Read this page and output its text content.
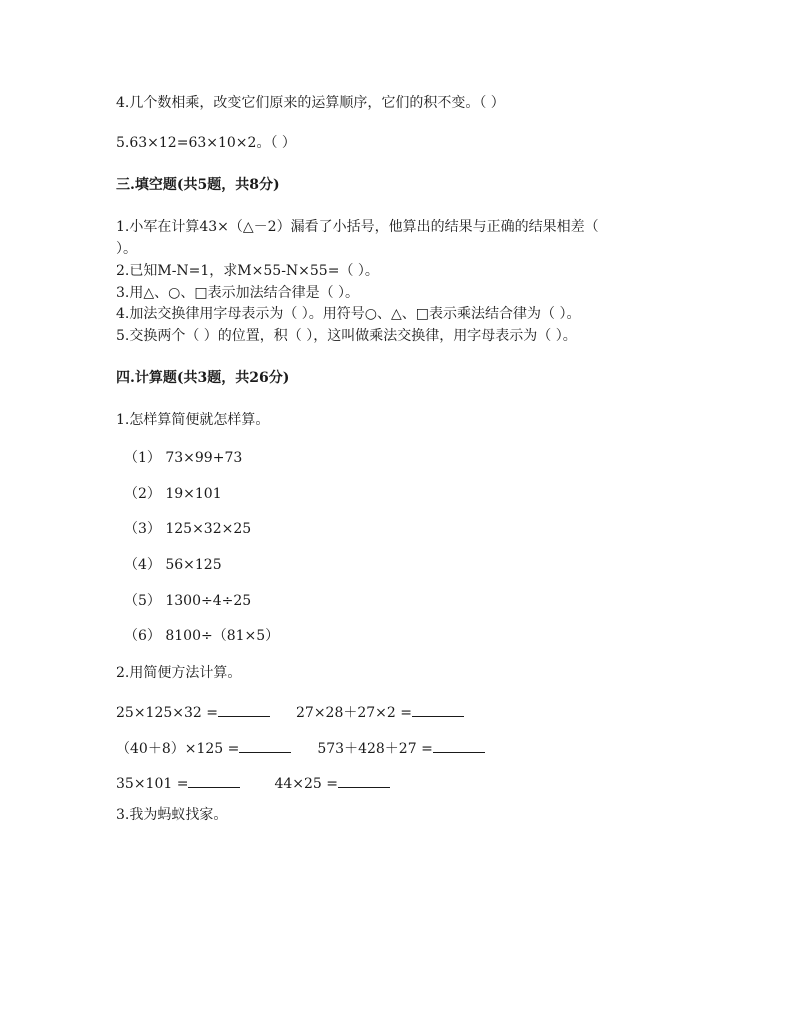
4.几个数相乘，改变它们原来的运算顺序，它们的积不变。（ ）
5.63×12=63×10×2。（ ）
三.填空题(共5题，共8分)
1.小军在计算43×（△－2）漏看了小括号，他算出的结果与正确的结果相差（
）。
2.已知M-N=1，求M×55-N×55=（ ）。
3.用△、○、□表示加法结合律是（ ）。
4.加法交换律用字母表示为（ ）。用符号○、△、□表示乘法结合律为（ ）。
5.交换两个（ ）的位置，积（ ），这叫做乘法交换律，用字母表示为（ ）。
四.计算题(共3题，共26分)
1.怎样算简便就怎样算。
（1） 73×99+73
（2） 19×101
（3） 125×32×25
（4） 56×125
（5） 1300÷4÷25
（6） 8100÷（81×5）
2.用简便方法计算。
25×125×32 =	27×28＋27×2 =
（40＋8）×125 =	573＋428＋27 =
35×101 =	44×25 =
3.我为蚂蚁找家。
